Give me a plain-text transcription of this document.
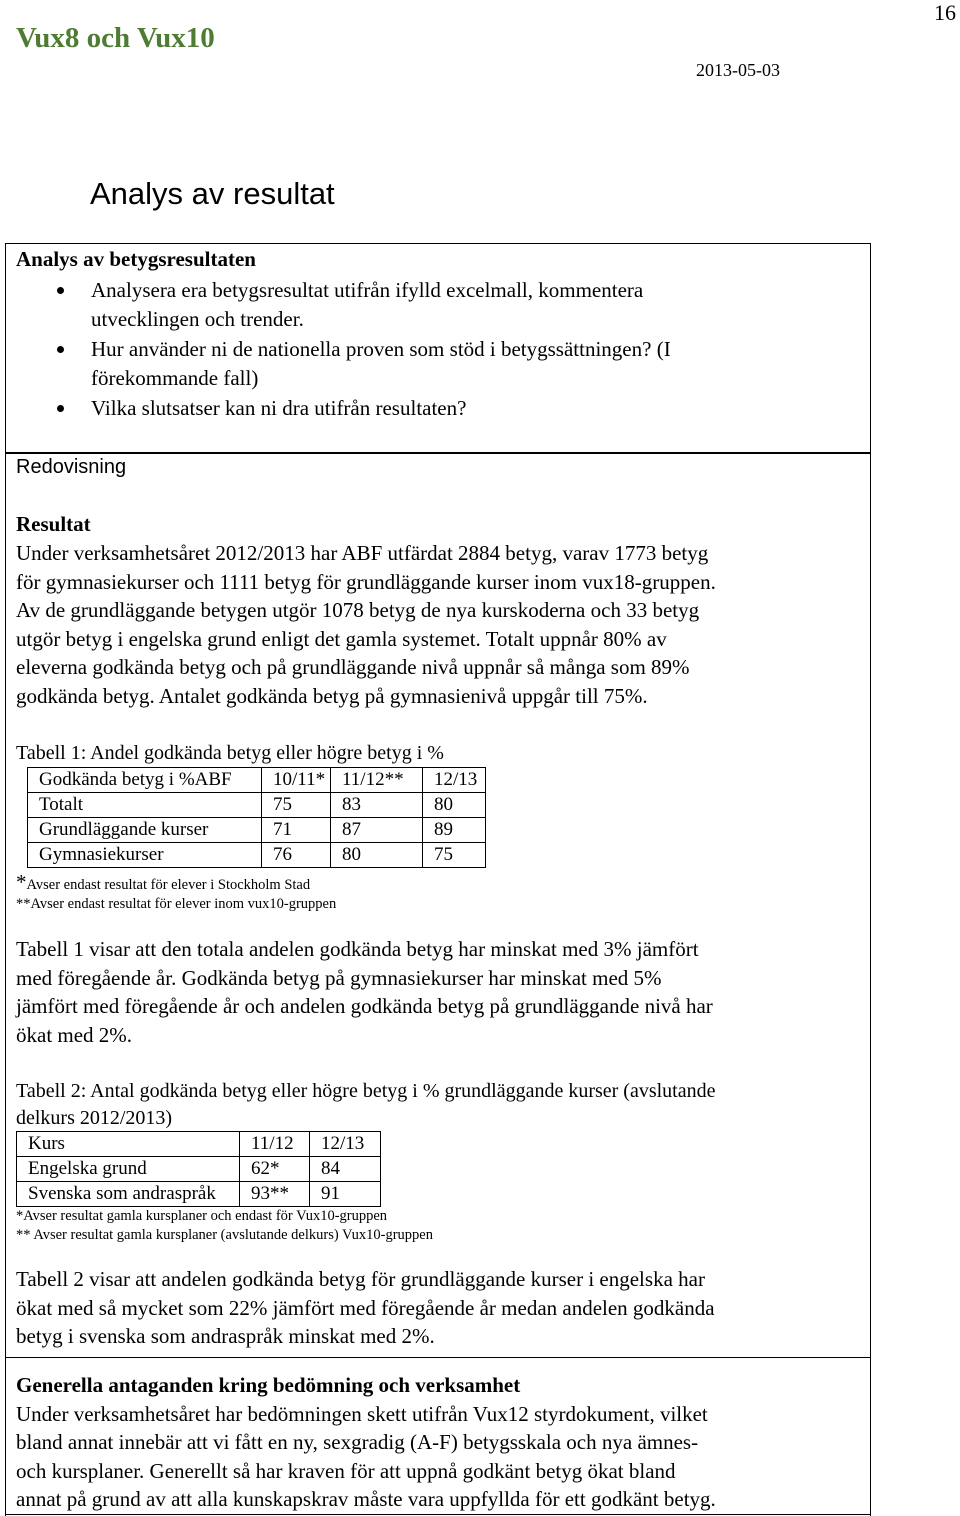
16
Vux8 och Vux10
2013-05-03
Analys av resultat
Analys av betygsresultaten
Analysera era betygsresultat utifrån ifylld excelmall, kommentera
utvecklingen och trender.
Hur använder ni de nationella proven som stöd i betygssättningen? (I
förekommande fall)
Vilka slutsatser kan ni dra utifrån resultaten?
Redovisning
Resultat
Under verksamhetsåret 2012/2013 har ABF utfärdat 2884 betyg, varav 1773 betyg
för gymnasiekurser och 1111 betyg för grundläggande kurser inom vux18-gruppen.
Av de grundläggande betygen utgör 1078 betyg de nya kurskoderna och 33 betyg
utgör betyg i engelska grund enligt det gamla systemet. Totalt uppnår 80% av
eleverna godkända betyg och på grundläggande nivå uppnår så många som 89%
godkända betyg. Antalet godkända betyg på gymnasienivå uppgår till 75%.
Tabell 1: Andel godkända betyg eller högre betyg i %
Godkända betyg i %ABF	10/11*	11/12**	12/13
Totalt	75	83	80
Grundläggande kurser	71	87	89
Gymnasiekurser	76	80	75
*Avser endast resultat för elever i Stockholm Stad
**Avser endast resultat för elever inom vux10-gruppen
Tabell 1 visar att den totala andelen godkända betyg har minskat med 3% jämfört
med föregående år. Godkända betyg på gymnasiekurser har minskat med 5%
jämfört med föregående år och andelen godkända betyg på grundläggande nivå har
ökat med 2%.
Tabell 2: Antal godkända betyg eller högre betyg i % grundläggande kurser (avslutande
delkurs 2012/2013)
Kurs	11/12	12/13
Engelska grund	62*	84
Svenska som andraspråk	93**	91
*Avser resultat gamla kursplaner och endast för Vux10-gruppen
** Avser resultat gamla kursplaner (avslutande delkurs) Vux10-gruppen
Tabell 2 visar att andelen godkända betyg för grundläggande kurser i engelska har
ökat med så mycket som 22% jämfört med föregående år medan andelen godkända
betyg i svenska som andraspråk minskat med 2%.
Generella antaganden kring bedömning och verksamhet
Under verksamhetsåret har bedömningen skett utifrån Vux12 styrdokument, vilket
bland annat innebär att vi fått en ny, sexgradig (A-F) betygsskala och nya ämnes-
och kursplaner. Generellt så har kraven för att uppnå godkänt betyg ökat bland
annat på grund av att alla kunskapskrav måste vara uppfyllda för ett godkänt betyg.
